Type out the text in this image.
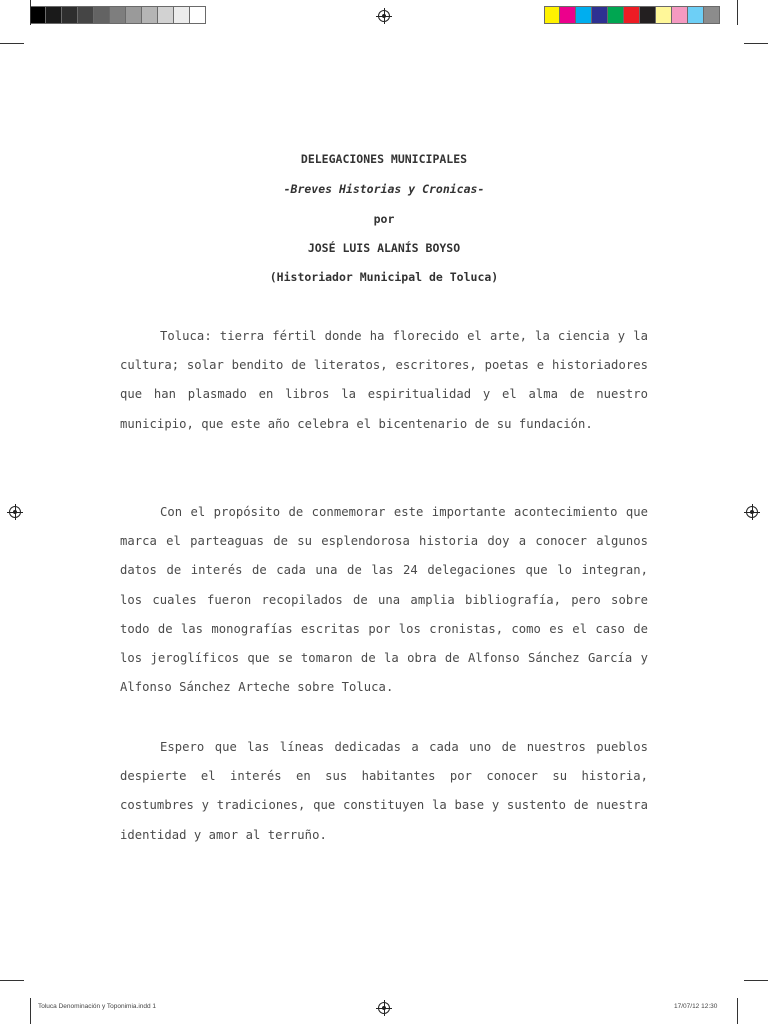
DELEGACIONES MUNICIPALES
-Breves Historias y Cronicas-
por
JOSÉ LUIS ALANÍS BOYSO
(Historiador Municipal de Toluca)

Toluca: tierra fértil donde ha florecido el arte, la ciencia y la cultura; solar bendito de literatos, escritores, poetas e historiadores que han plasmado en libros la espiritualidad y el alma de nuestro municipio, que este año celebra el bicentenario de su fundación.

Con el propósito de conmemorar este importante acontecimiento que marca el parteaguas de su esplendorosa historia doy a conocer algunos datos de interés de cada una de las 24 delegaciones que lo integran, los cuales fueron recopilados de una amplia bibliografía, pero sobre todo de las monografías escritas por los cronistas, como es el caso de los jeroglíficos que se tomaron de la obra de Alfonso Sánchez García y Alfonso Sánchez Arteche sobre Toluca.

Espero que las líneas dedicadas a cada uno de nuestros pueblos despierte el interés en sus habitantes por conocer su historia, costumbres y tradiciones, que constituyen la base y sustento de nuestra identidad y amor al terruño.

Toluca Denominación y Toponimia.indd 1	17/07/12 12:30
